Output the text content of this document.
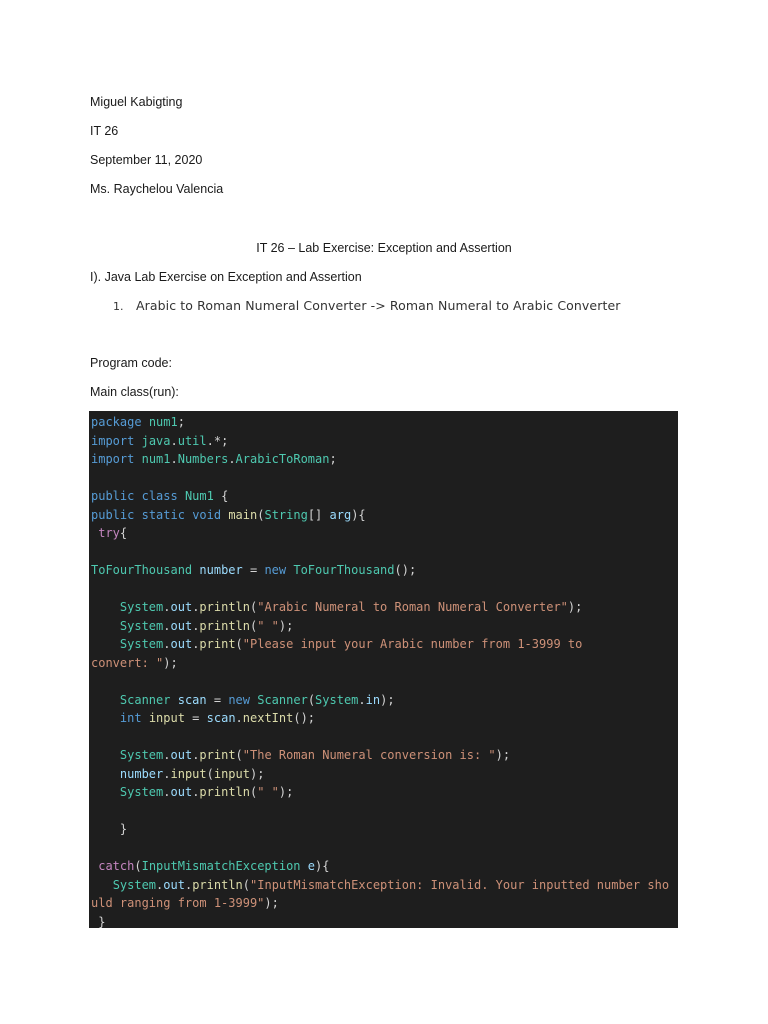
Miguel Kabigting
IT 26
September 11, 2020
Ms. Raychelou Valencia
IT 26 – Lab Exercise: Exception and Assertion
I). Java Lab Exercise on Exception and Assertion
1. Arabic to Roman Numeral Converter -> Roman Numeral to Arabic Converter
Program code:
Main class(run):
package num1;
import java.util.*;
import num1.Numbers.ArabicToRoman;
public class Num1 {
public static void main(String[] arg){
try{
ToFourThousand number = new ToFourThousand();
System.out.println("Arabic Numeral to Roman Numeral Converter");
System.out.println(" ");
System.out.print("Please input your Arabic number from 1-3999 to
convert: ");
Scanner scan = new Scanner(System.in);
int input = scan.nextInt();
System.out.print("The Roman Numeral conversion is: ");
number.input(input);
System.out.println(" ");
}
catch(InputMismatchException e){
System.out.println("InputMismatchException: Invalid. Your inputted number sho
uld ranging from 1-3999");
}
